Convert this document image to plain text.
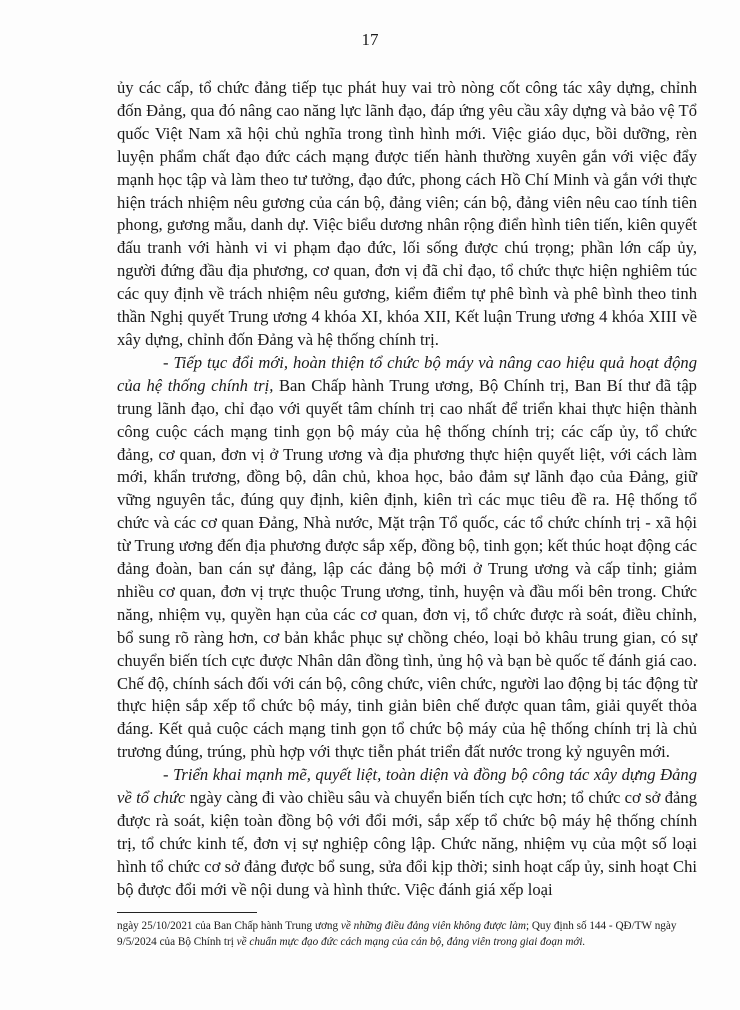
17

ủy các cấp, tổ chức đảng tiếp tục phát huy vai trò nòng cốt công tác xây dựng, chỉnh đốn Đảng, qua đó nâng cao năng lực lãnh đạo, đáp ứng yêu cầu xây dựng và bảo vệ Tổ quốc Việt Nam xã hội chủ nghĩa trong tình hình mới. Việc giáo dục, bồi dưỡng, rèn luyện phẩm chất đạo đức cách mạng được tiến hành thường xuyên gắn với việc đẩy mạnh học tập và làm theo tư tưởng, đạo đức, phong cách Hồ Chí Minh và gắn với thực hiện trách nhiệm nêu gương của cán bộ, đảng viên; cán bộ, đảng viên nêu cao tính tiên phong, gương mẫu, danh dự. Việc biểu dương nhân rộng điển hình tiên tiến, kiên quyết đấu tranh với hành vi vi phạm đạo đức, lối sống được chú trọng; phần lớn cấp ủy, người đứng đầu địa phương, cơ quan, đơn vị đã chỉ đạo, tổ chức thực hiện nghiêm túc các quy định về trách nhiệm nêu gương, kiểm điểm tự phê bình và phê bình theo tinh thần Nghị quyết Trung ương 4 khóa XI, khóa XII, Kết luận Trung ương 4 khóa XIII về xây dựng, chỉnh đốn Đảng và hệ thống chính trị.

- Tiếp tục đổi mới, hoàn thiện tổ chức bộ máy và nâng cao hiệu quả hoạt động của hệ thống chính trị, Ban Chấp hành Trung ương, Bộ Chính trị, Ban Bí thư đã tập trung lãnh đạo, chỉ đạo với quyết tâm chính trị cao nhất để triển khai thực hiện thành công cuộc cách mạng tinh gọn bộ máy của hệ thống chính trị; các cấp ủy, tổ chức đảng, cơ quan, đơn vị ở Trung ương và địa phương thực hiện quyết liệt, với cách làm mới, khẩn trương, đồng bộ, dân chủ, khoa học, bảo đảm sự lãnh đạo của Đảng, giữ vững nguyên tắc, đúng quy định, kiên định, kiên trì các mục tiêu đề ra. Hệ thống tổ chức và các cơ quan Đảng, Nhà nước, Mặt trận Tổ quốc, các tổ chức chính trị - xã hội từ Trung ương đến địa phương được sắp xếp, đồng bộ, tinh gọn; kết thúc hoạt động các đảng đoàn, ban cán sự đảng, lập các đảng bộ mới ở Trung ương và cấp tỉnh; giảm nhiều cơ quan, đơn vị trực thuộc Trung ương, tỉnh, huyện và đầu mối bên trong. Chức năng, nhiệm vụ, quyền hạn của các cơ quan, đơn vị, tổ chức được rà soát, điều chỉnh, bổ sung rõ ràng hơn, cơ bản khắc phục sự chồng chéo, loại bỏ khâu trung gian, có sự chuyển biến tích cực được Nhân dân đồng tình, ủng hộ và bạn bè quốc tế đánh giá cao. Chế độ, chính sách đối với cán bộ, công chức, viên chức, người lao động bị tác động từ thực hiện sắp xếp tổ chức bộ máy, tinh giản biên chế được quan tâm, giải quyết thỏa đáng. Kết quả cuộc cách mạng tinh gọn tổ chức bộ máy của hệ thống chính trị là chủ trương đúng, trúng, phù hợp với thực tiễn phát triển đất nước trong kỷ nguyên mới.

- Triển khai mạnh mẽ, quyết liệt, toàn diện và đồng bộ công tác xây dựng Đảng về tổ chức ngày càng đi vào chiều sâu và chuyển biến tích cực hơn; tổ chức cơ sở đảng được rà soát, kiện toàn đồng bộ với đổi mới, sắp xếp tổ chức bộ máy hệ thống chính trị, tổ chức kinh tế, đơn vị sự nghiệp công lập. Chức năng, nhiệm vụ của một số loại hình tổ chức cơ sở đảng được bổ sung, sửa đổi kịp thời; sinh hoạt cấp ủy, sinh hoạt Chi bộ được đổi mới về nội dung và hình thức. Việc đánh giá xếp loại

ngày 25/10/2021 của Ban Chấp hành Trung ương về những điều đảng viên không được làm; Quy định số 144 - QĐ/TW ngày 9/5/2024 của Bộ Chính trị về chuẩn mực đạo đức cách mạng của cán bộ, đảng viên trong giai đoạn mới.
